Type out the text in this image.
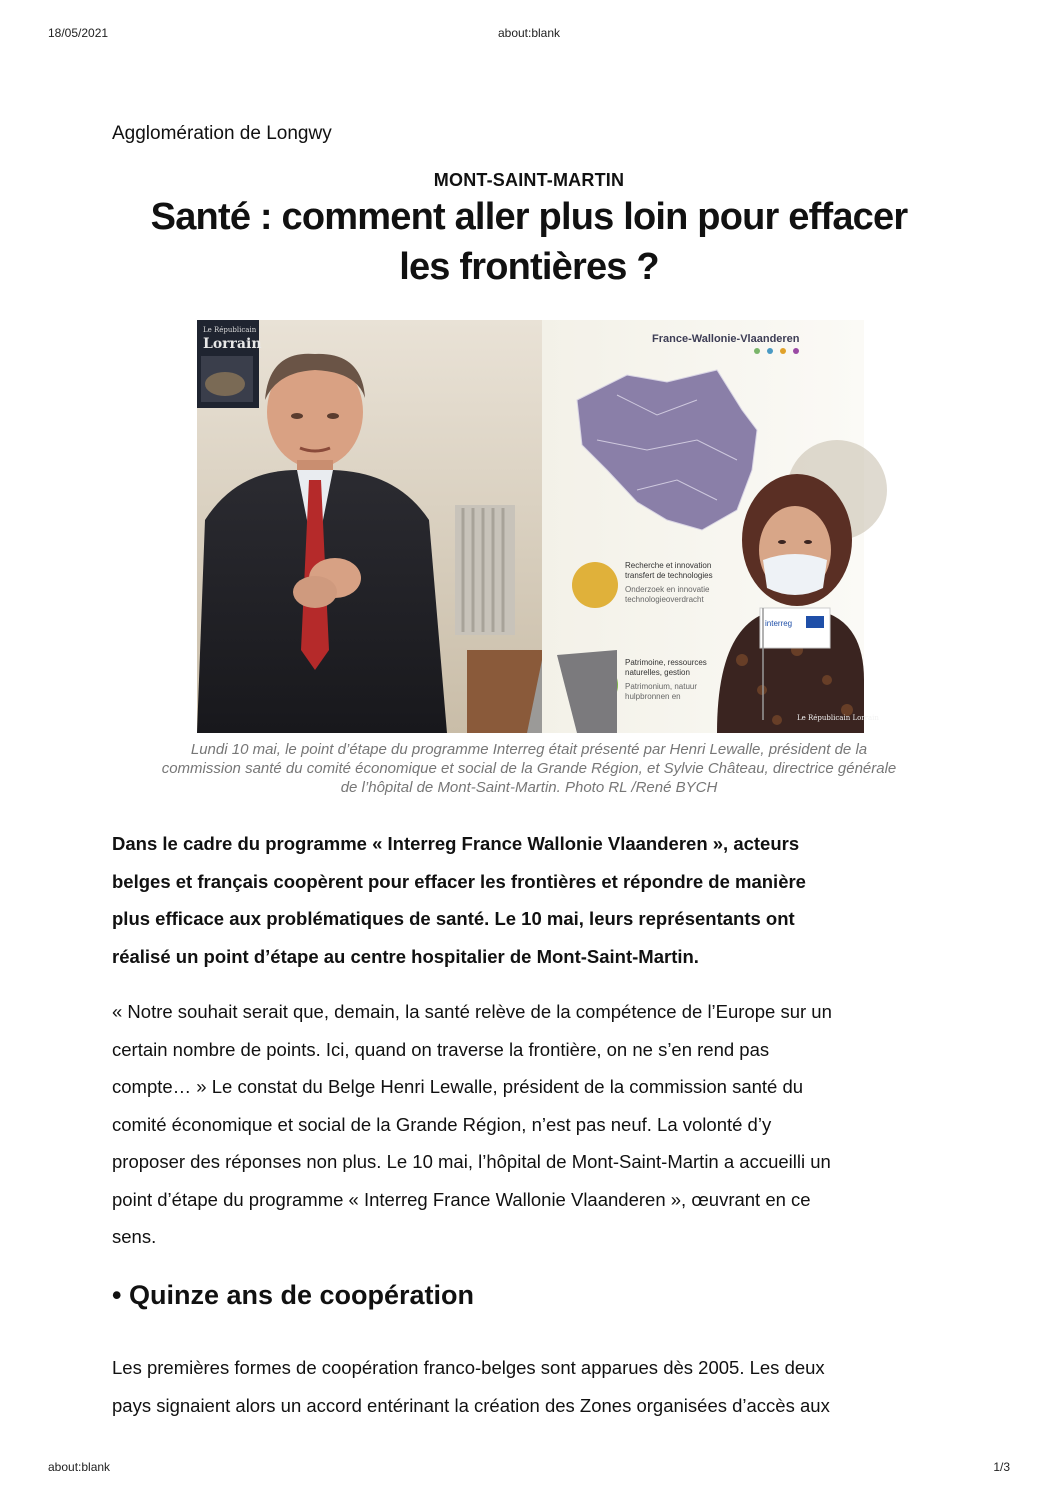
18/05/2021	about:blank
Agglomération de Longwy
MONT-SAINT-MARTIN
Santé : comment aller plus loin pour effacer
les frontières ?
Le Républicain
Lorrain	France-Wallonie-Vlaanderen
Recherche et innovation
transfert de technologies
Onderzoek en innovatie
technologieoverdracht
Patrimoine, ressources
naturelles, gestion
Patrimonium, natuur
hulpbronnen en
interreg
Le Républicain Lorrain
Lundi 10 mai, le point d’étape du programme Interreg était présenté par Henri Lewalle, président de la
commission santé du comité économique et social de la Grande Région, et Sylvie Château, directrice générale
de l’hôpital de Mont-Saint-Martin. Photo RL /René BYCH

Dans le cadre du programme « Interreg France Wallonie Vlaanderen », acteurs
belges et français coopèrent pour effacer les frontières et répondre de manière
plus efficace aux problématiques de santé. Le 10 mai, leurs représentants ont
réalisé un point d’étape au centre hospitalier de Mont-Saint-Martin.

« Notre souhait serait que, demain, la santé relève de la compétence de l’Europe sur un
certain nombre de points. Ici, quand on traverse la frontière, on ne s’en rend pas
compte… » Le constat du Belge Henri Lewalle, président de la commission santé du
comité économique et social de la Grande Région, n’est pas neuf. La volonté d’y
proposer des réponses non plus. Le 10 mai, l’hôpital de Mont-Saint-Martin a accueilli un
point d’étape du programme « Interreg France Wallonie Vlaanderen », œuvrant en ce
sens.

• Quinze ans de coopération

Les premières formes de coopération franco-belges sont apparues dès 2005. Les deux
pays signaient alors un accord entérinant la création des Zones organisées d’accès aux

about:blank	1/3
